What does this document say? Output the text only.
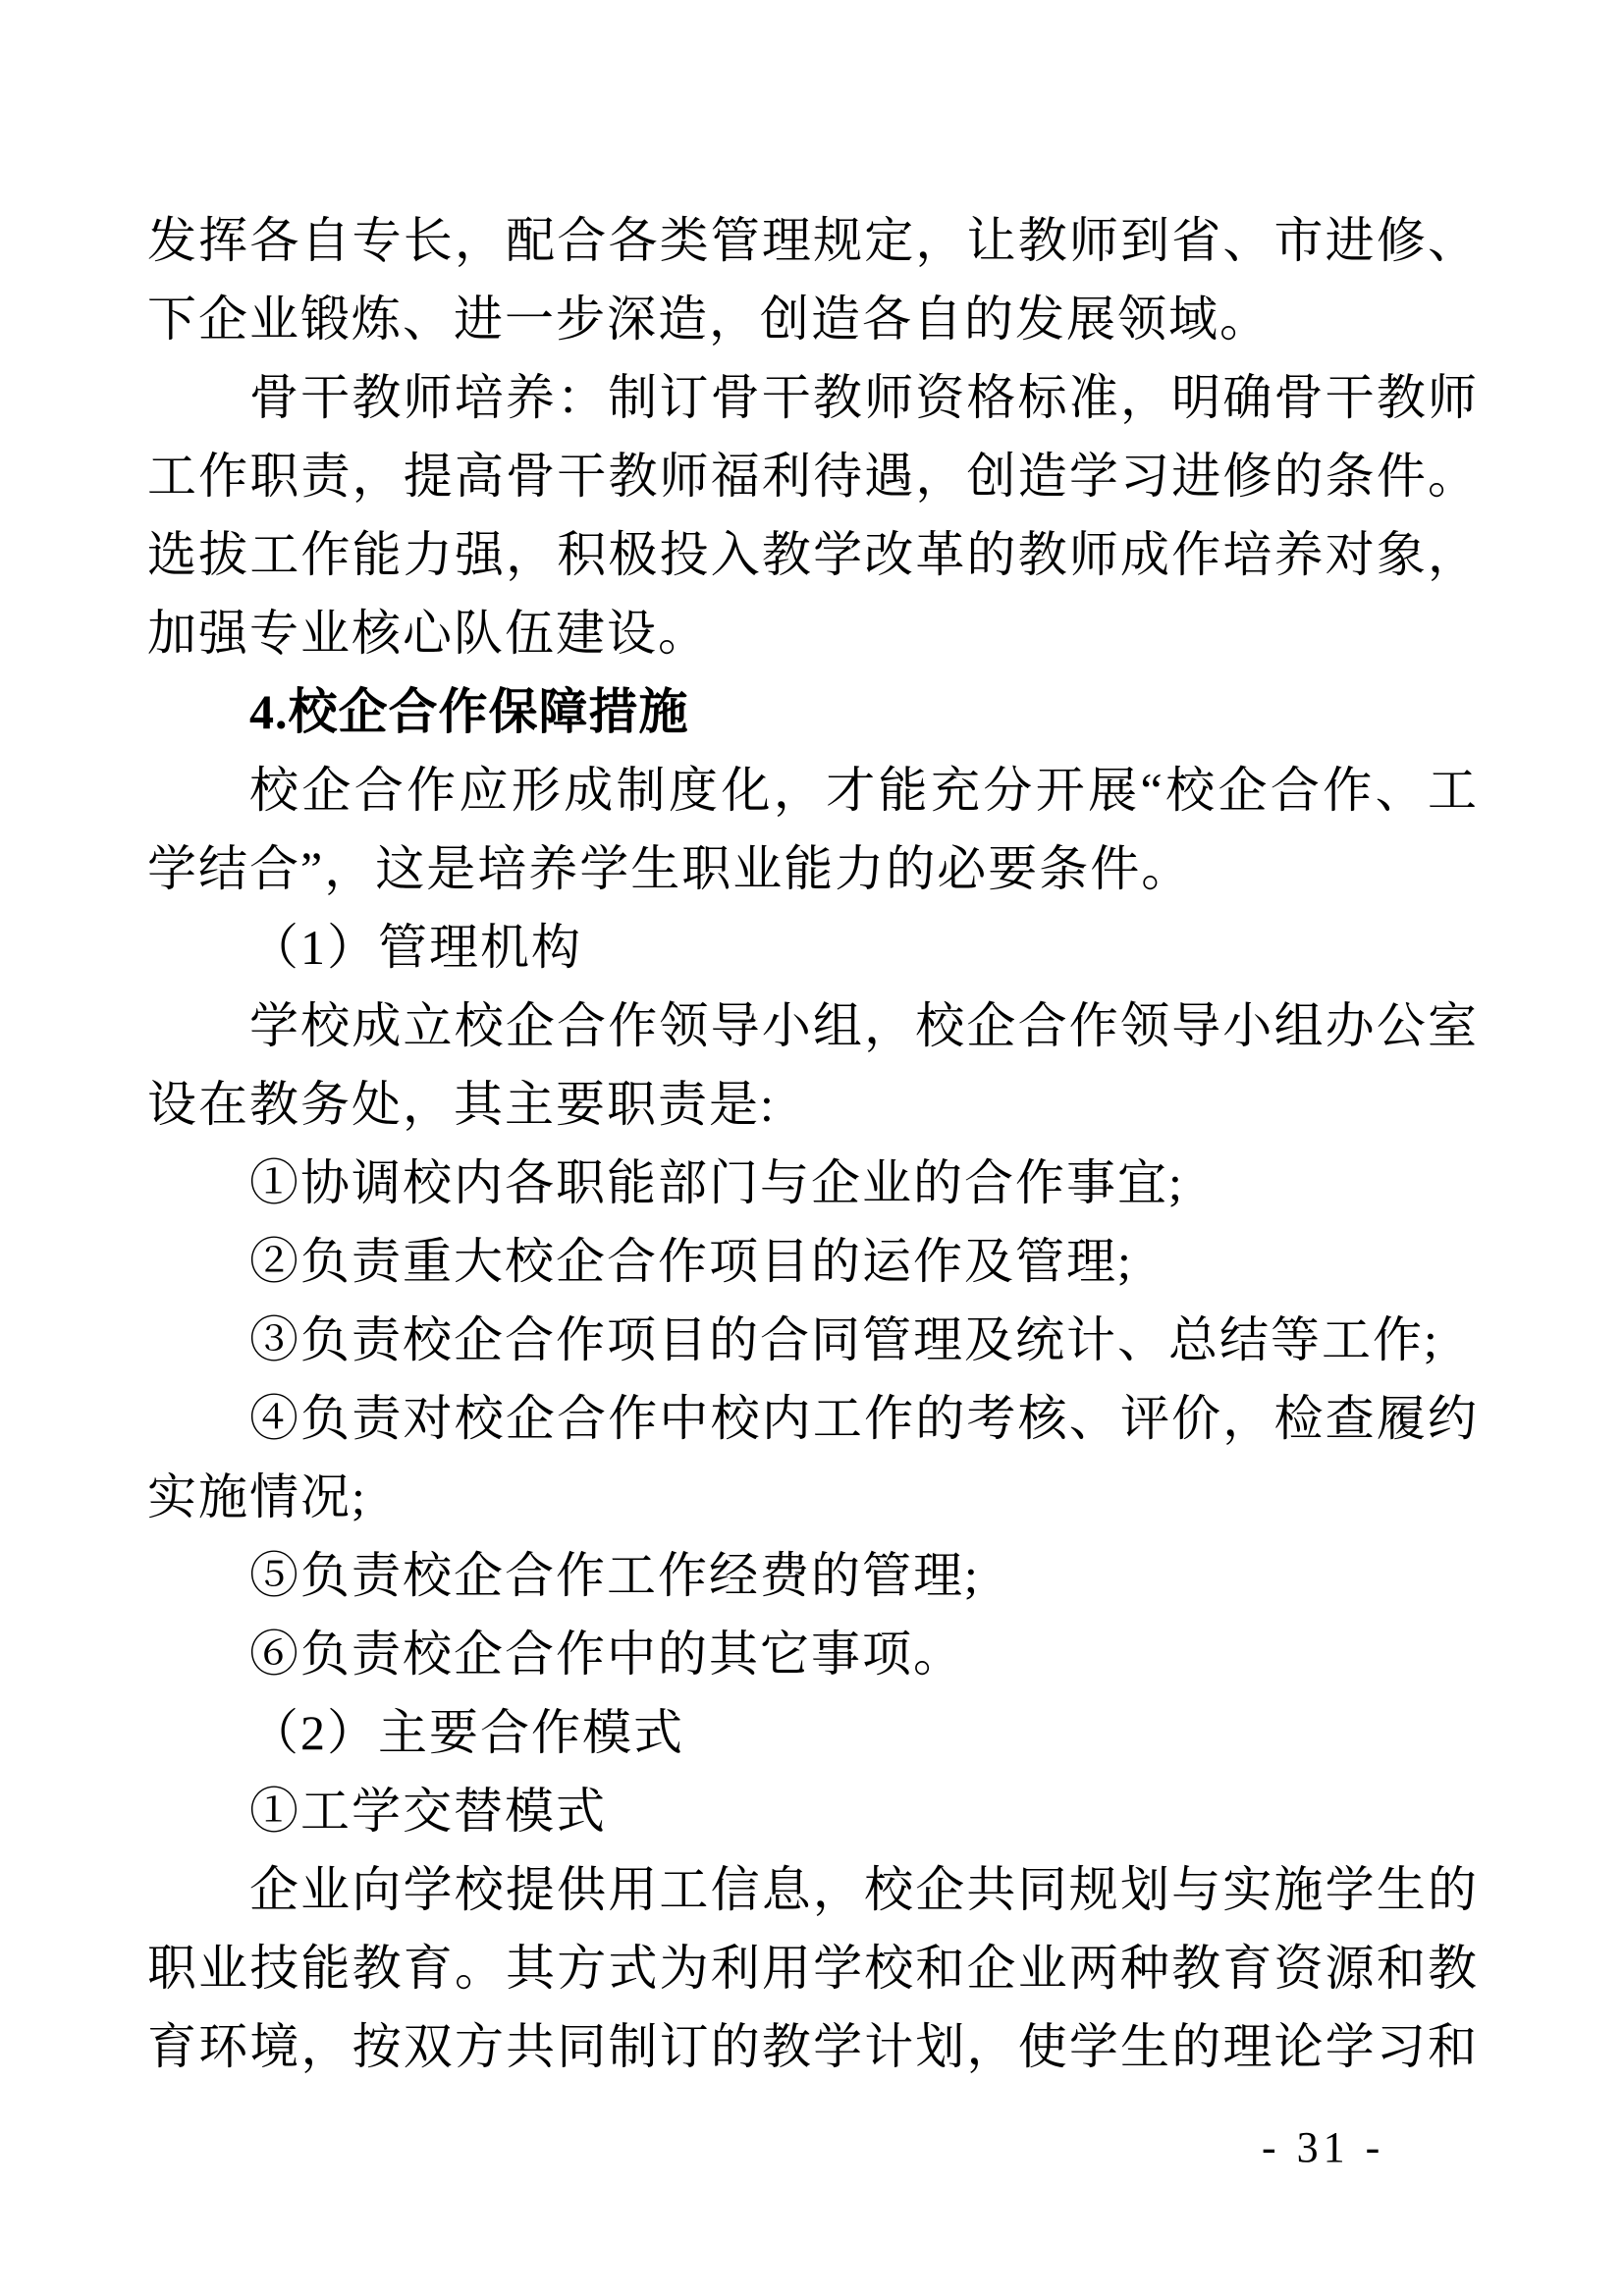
发挥各自专长，配合各类管理规定，让教师到省、市进修、
下企业锻炼、进一步深造，创造各自的发展领域。
骨干教师培养：制订骨干教师资格标准，明确骨干教师
工作职责，提高骨干教师福利待遇，创造学习进修的条件。
选拔工作能力强，积极投入教学改革的教师成作培养对象，
加强专业核心队伍建设。
4.校企合作保障措施
校企合作应形成制度化，才能充分开展“校企合作、工
学结合”，这是培养学生职业能力的必要条件。
（1）管理机构
学校成立校企合作领导小组，校企合作领导小组办公室
设在教务处，其主要职责是:
①协调校内各职能部门与企业的合作事宜;
②负责重大校企合作项目的运作及管理;
③负责校企合作项目的合同管理及统计、总结等工作;
④负责对校企合作中校内工作的考核、评价，检查履约
实施情况;
⑤负责校企合作工作经费的管理;
⑥负责校企合作中的其它事项。
（2）主要合作模式
①工学交替模式
企业向学校提供用工信息，校企共同规划与实施学生的
职业技能教育。其方式为利用学校和企业两种教育资源和教
育环境，按双方共同制订的教学计划，使学生的理论学习和
- 31 -
